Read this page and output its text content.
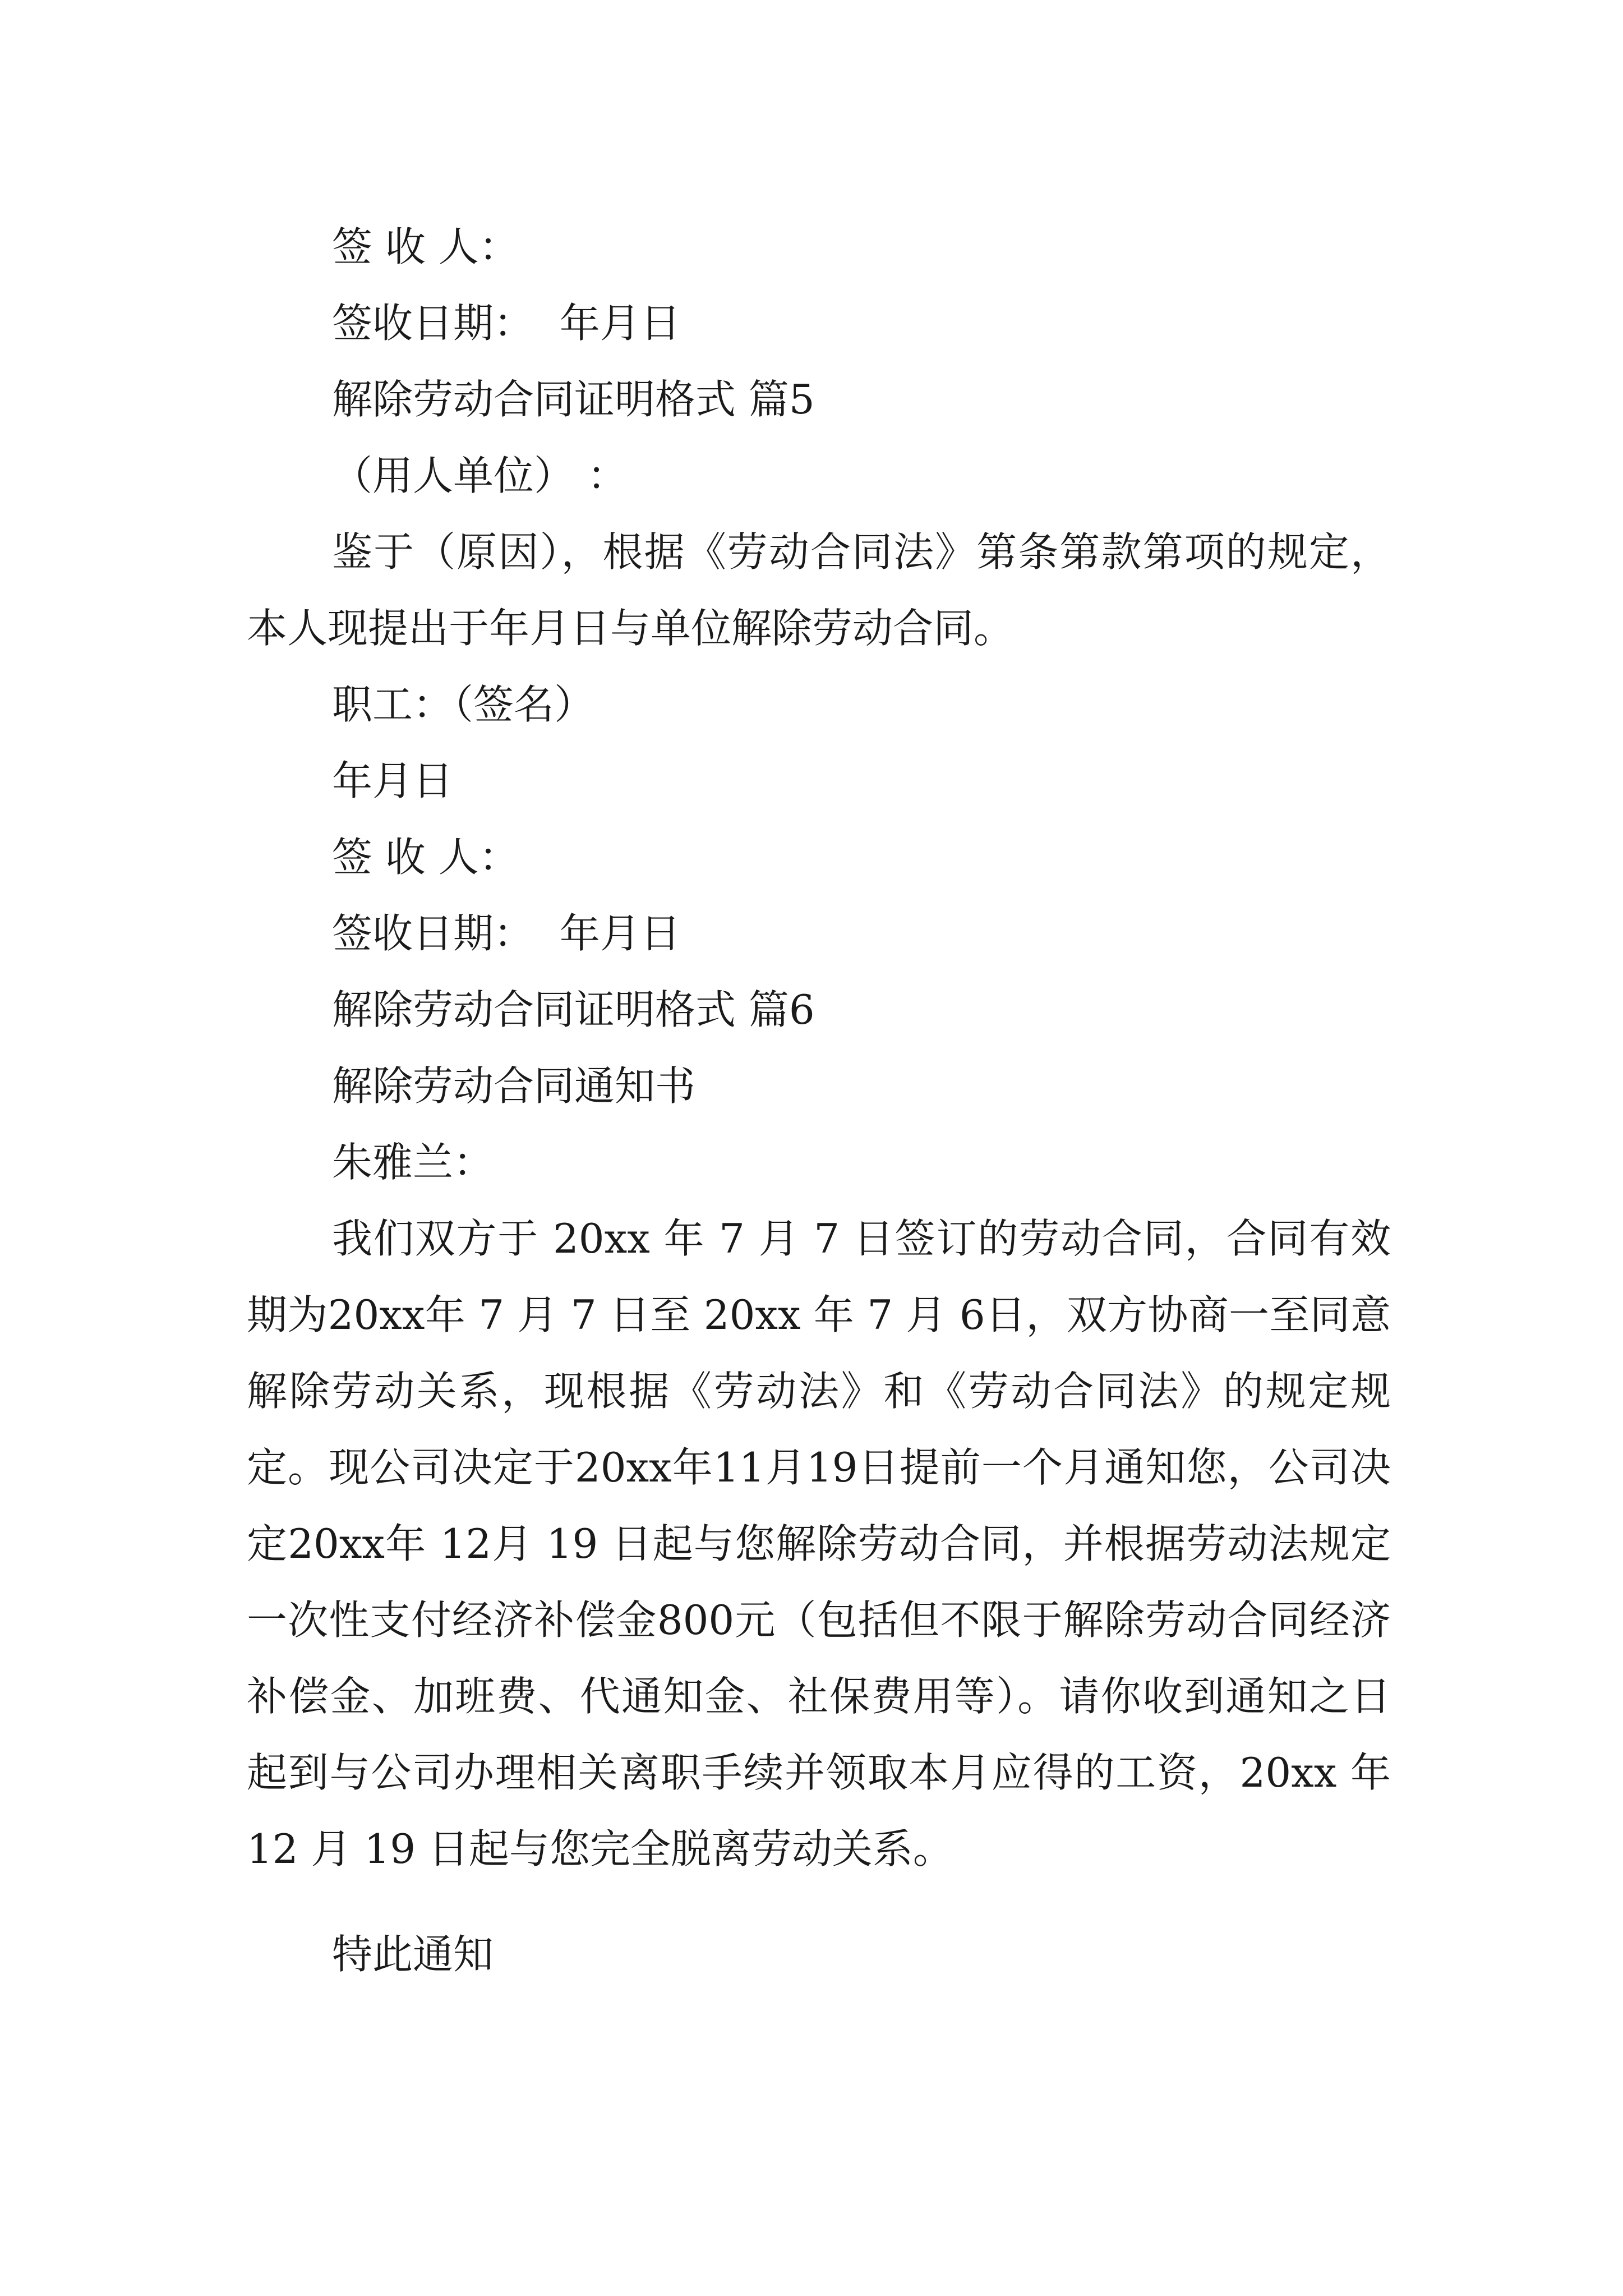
签 收 人：

签收日期：  年月日

解除劳动合同证明格式 篇5

（用人单位） ：

鉴于（原因），根据《劳动合同法》第条第款第项的规定，本人现提出于年月日与单位解除劳动合同。

职工：（签名）

年月日

签 收 人：

签收日期：  年月日

解除劳动合同证明格式 篇6

解除劳动合同通知书

朱雅兰：

我们双方于 20xx 年 7 月 7 日签订的劳动合同，合同有效期为20xx年 7 月 7 日至 20xx 年 7 月 6日，双方协商一至同意解除劳动关系，现根据《劳动法》和《劳动合同法》的规定规定。现公司决定于20xx年11月19日提前一个月通知您，公司决定20xx年 12月 19 日起与您解除劳动合同，并根据劳动法规定一次性支付经济补偿金800元（包括但不限于解除劳动合同经济补偿金、加班费、代通知金、社保费用等）。请你收到通知之日起到与公司办理相关离职手续并领取本月应得的工资，20xx 年 12 月 19 日起与您完全脱离劳动关系。

特此通知
